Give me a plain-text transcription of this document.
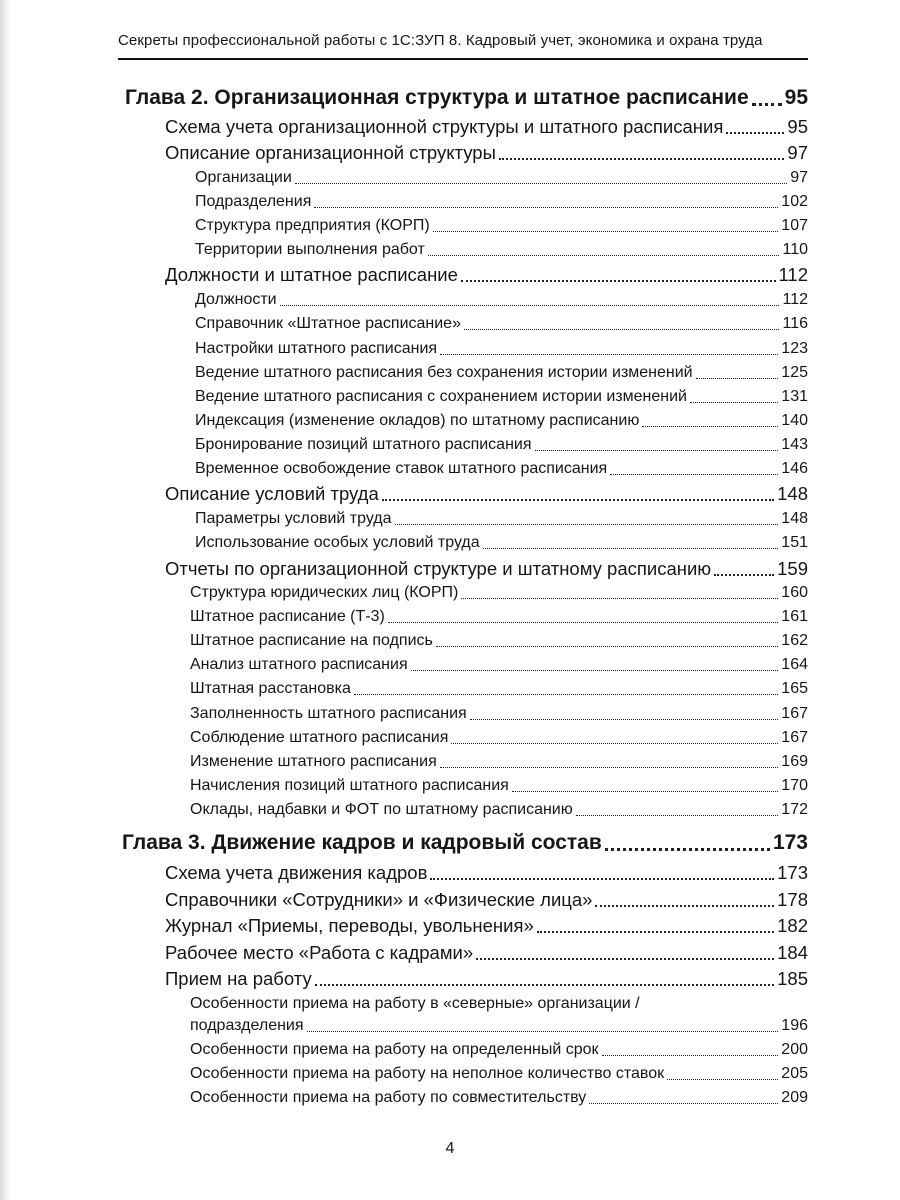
Секреты профессиональной работы с 1С:ЗУП 8. Кадровый учет, экономика и охрана труда
Глава 2. Организационная структура и штатное расписание 95
Схема учета организационной структуры и штатного расписания	95
Описание организационной структуры	97
Организации	97
Подразделения	102
Структура предприятия (КОРП)	107
Территории выполнения работ	110
Должности и штатное расписание	112
Должности	112
Справочник «Штатное расписание»	116
Настройки штатного расписания	123
Ведение штатного расписания без сохранения истории изменений	125
Ведение штатного расписания с сохранением истории изменений	131
Индексация (изменение окладов) по штатному расписанию	140
Бронирование позиций штатного расписания	143
Временное освобождение ставок штатного расписания	146
Описание условий труда	148
Параметры условий труда	148
Использование особых условий труда	151
Отчеты по организационной структуре и штатному расписанию	159
Структура юридических лиц (КОРП)	160
Штатное расписание (Т-3)	161
Штатное расписание на подпись	162
Анализ штатного расписания	164
Штатная расстановка	165
Заполненность штатного расписания	167
Соблюдение штатного расписания	167
Изменение штатного расписания	169
Начисления позиций штатного расписания	170
Оклады, надбавки и ФОТ по штатному расписанию	172
Глава 3. Движение кадров и кадровый состав	173
Схема учета движения кадров	173
Справочники «Сотрудники» и «Физические лица»	178
Журнал «Приемы, переводы, увольнения»	182
Рабочее место «Работа с кадрами»	184
Прием на работу	185
Особенности приема на работу в «северные» организации /
подразделения	196
Особенности приема на работу на определенный срок	200
Особенности приема на работу на неполное количество ставок	205
Особенности приема на работу по совместительству	209
4
